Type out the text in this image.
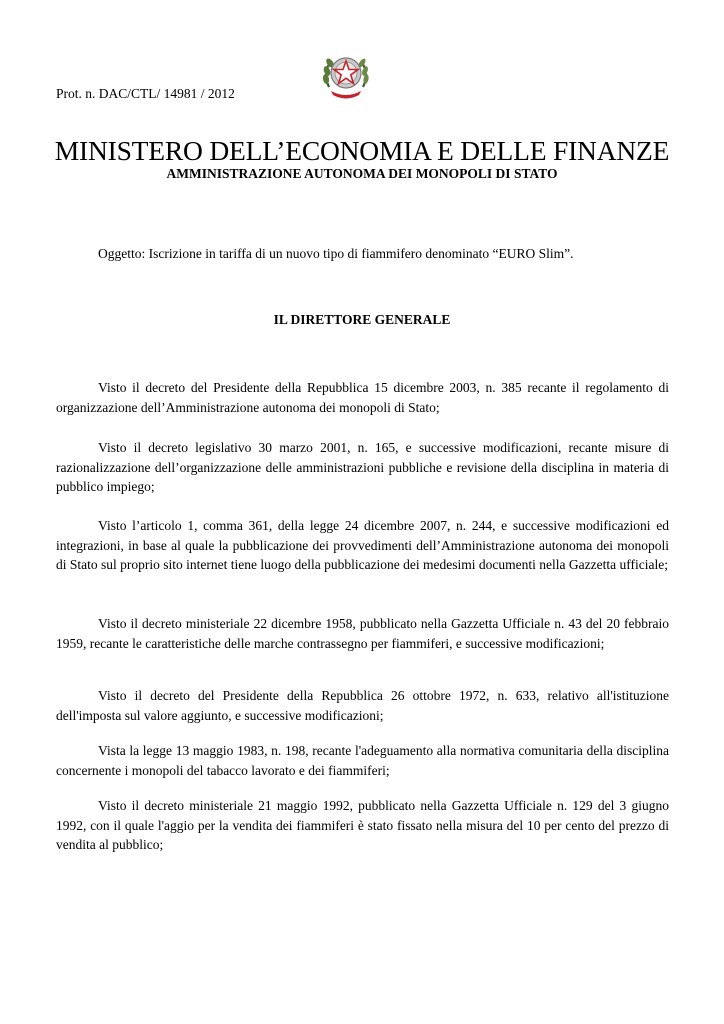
Prot. n. DAC/CTL/ 14981 / 2012
MINISTERO DELL’ECONOMIA E DELLE FINANZE
AMMINISTRAZIONE AUTONOMA DEI MONOPOLI DI STATO
Oggetto: Iscrizione in tariffa di un nuovo tipo di fiammifero denominato “EURO Slim”.
IL DIRETTORE GENERALE

Visto il decreto del Presidente della Repubblica 15 dicembre 2003, n. 385 recante il regolamento di organizzazione dell’Amministrazione autonoma dei monopoli di Stato;

Visto il decreto legislativo 30 marzo 2001, n. 165, e successive modificazioni, recante misure di razionalizzazione dell’organizzazione delle amministrazioni pubbliche e revisione della disciplina in materia di pubblico impiego;

Visto l’articolo 1, comma 361, della legge 24 dicembre 2007, n. 244, e successive modificazioni ed integrazioni, in base al quale la pubblicazione dei provvedimenti dell’Amministrazione autonoma dei monopoli di Stato sul proprio sito internet tiene luogo della pubblicazione dei medesimi documenti nella Gazzetta ufficiale;

Visto il decreto ministeriale 22 dicembre 1958, pubblicato nella Gazzetta Ufficiale n. 43 del 20 febbraio 1959, recante le caratteristiche delle marche contrassegno per fiammiferi, e successive modificazioni;

Visto il decreto del Presidente della Repubblica 26 ottobre 1972, n. 633, relativo all'istituzione dell'imposta sul valore aggiunto, e successive modificazioni;

Vista la legge 13 maggio 1983, n. 198, recante l'adeguamento alla normativa comunitaria della disciplina concernente i monopoli del tabacco lavorato e dei fiammiferi;

Visto il decreto ministeriale 21 maggio 1992, pubblicato nella Gazzetta Ufficiale n. 129 del 3 giugno 1992, con il quale l'aggio per la vendita dei fiammiferi è stato fissato nella misura del 10 per cento del prezzo di vendita al pubblico;
